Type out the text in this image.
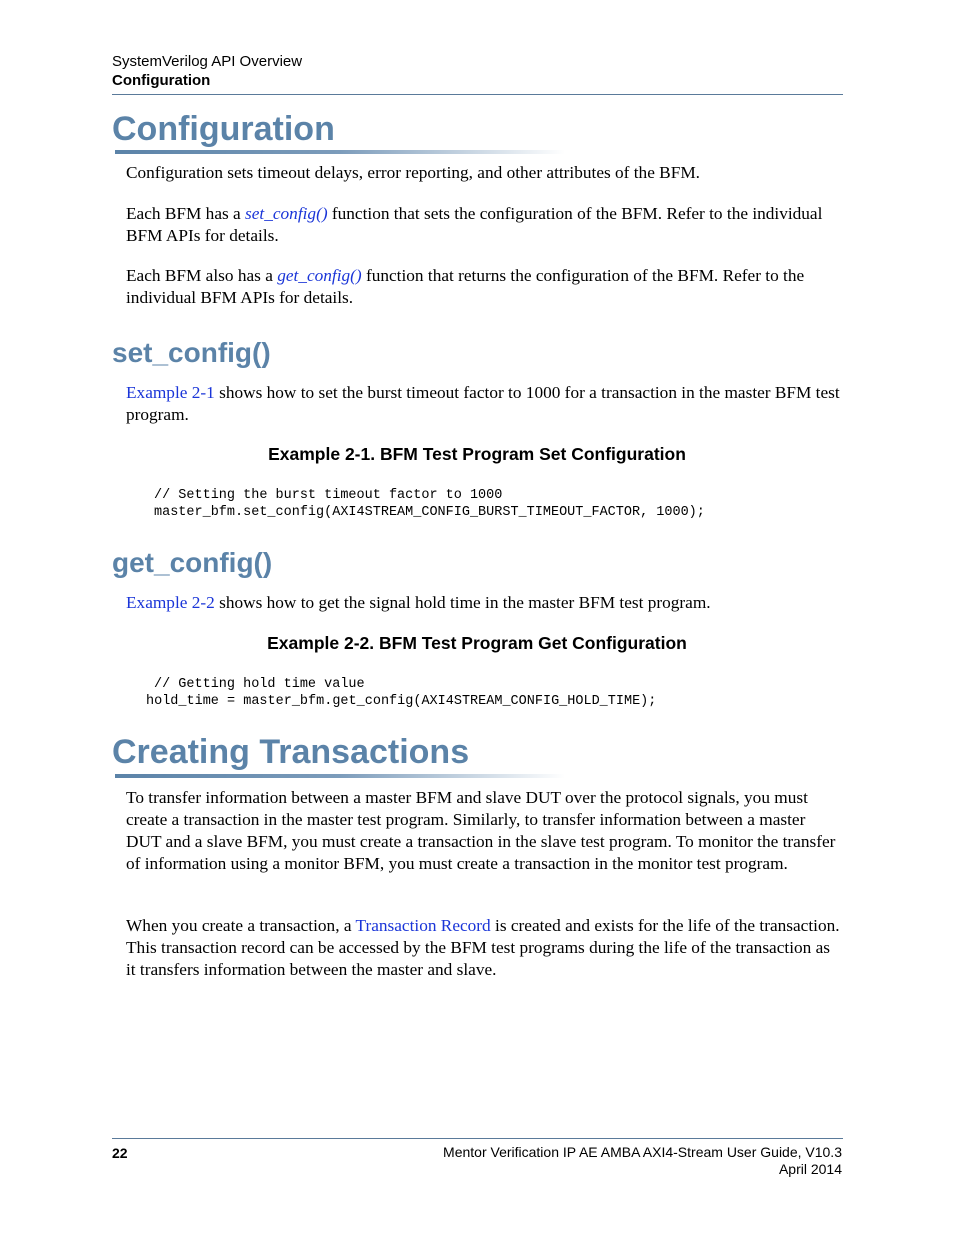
SystemVerilog API Overview
Configuration
Configuration
Configuration sets timeout delays, error reporting, and other attributes of the BFM.
Each BFM has a set_config() function that sets the configuration of the BFM. Refer to the individual BFM APIs for details.
Each BFM also has a get_config() function that returns the configuration of the BFM. Refer to the individual BFM APIs for details.
set_config()
Example 2-1 shows how to set the burst timeout factor to 1000 for a transaction in the master BFM test program.
Example 2-1. BFM Test Program Set Configuration
// Setting the burst timeout factor to 1000
master_bfm.set_config(AXI4STREAM_CONFIG_BURST_TIMEOUT_FACTOR, 1000);
get_config()
Example 2-2 shows how to get the signal hold time in the master BFM test program.
Example 2-2. BFM Test Program Get Configuration
// Getting hold time value
hold_time = master_bfm.get_config(AXI4STREAM_CONFIG_HOLD_TIME);
Creating Transactions
To transfer information between a master BFM and slave DUT over the protocol signals, you must create a transaction in the master test program. Similarly, to transfer information between a master DUT and a slave BFM, you must create a transaction in the slave test program. To monitor the transfer of information using a monitor BFM, you must create a transaction in the monitor test program.
When you create a transaction, a Transaction Record is created and exists for the life of the transaction. This transaction record can be accessed by the BFM test programs during the life of the transaction as it transfers information between the master and slave.
22	Mentor Verification IP AE AMBA AXI4-Stream User Guide, V10.3
April 2014
